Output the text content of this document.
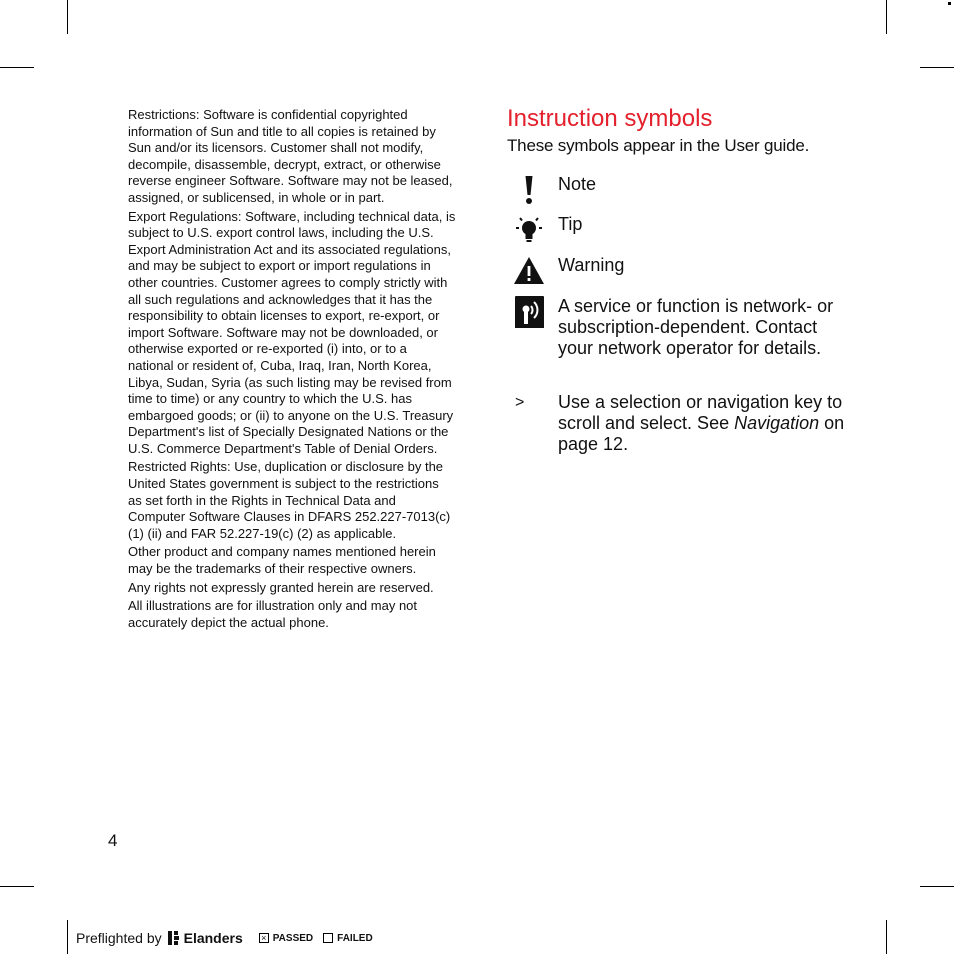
Restrictions: Software is confidential copyrighted information of Sun and title to all copies is retained by Sun and/or its licensors. Customer shall not modify, decompile, disassemble, decrypt, extract, or otherwise reverse engineer Software. Software may not be leased, assigned, or sublicensed, in whole or in part.

Export Regulations: Software, including technical data, is subject to U.S. export control laws, including the U.S. Export Administration Act and its associated regulations, and may be subject to export or import regulations in other countries. Customer agrees to comply strictly with all such regulations and acknowledges that it has the responsibility to obtain licenses to export, re-export, or import Software. Software may not be downloaded, or otherwise exported or re-exported (i) into, or to a national or resident of, Cuba, Iraq, Iran, North Korea, Libya, Sudan, Syria (as such listing may be revised from time to time) or any country to which the U.S. has embargoed goods; or (ii) to anyone on the U.S. Treasury Department's list of Specially Designated Nations or the U.S. Commerce Department's Table of Denial Orders.

Restricted Rights: Use, duplication or disclosure by the United States government is subject to the restrictions as set forth in the Rights in Technical Data and Computer Software Clauses in DFARS 252.227-7013(c) (1) (ii) and FAR 52.227-19(c) (2) as applicable.

Other product and company names mentioned herein may be the trademarks of their respective owners.

Any rights not expressly granted herein are reserved.

All illustrations are for illustration only and may not accurately depict the actual phone.

Instruction symbols

These symbols appear in the User guide.

Note
Tip
Warning
A service or function is network- or subscription-dependent. Contact your network operator for details.
>	Use a selection or navigation key to scroll and select. See Navigation on page 12.
4
Preflighted by Elanders × PASSED FAILED
